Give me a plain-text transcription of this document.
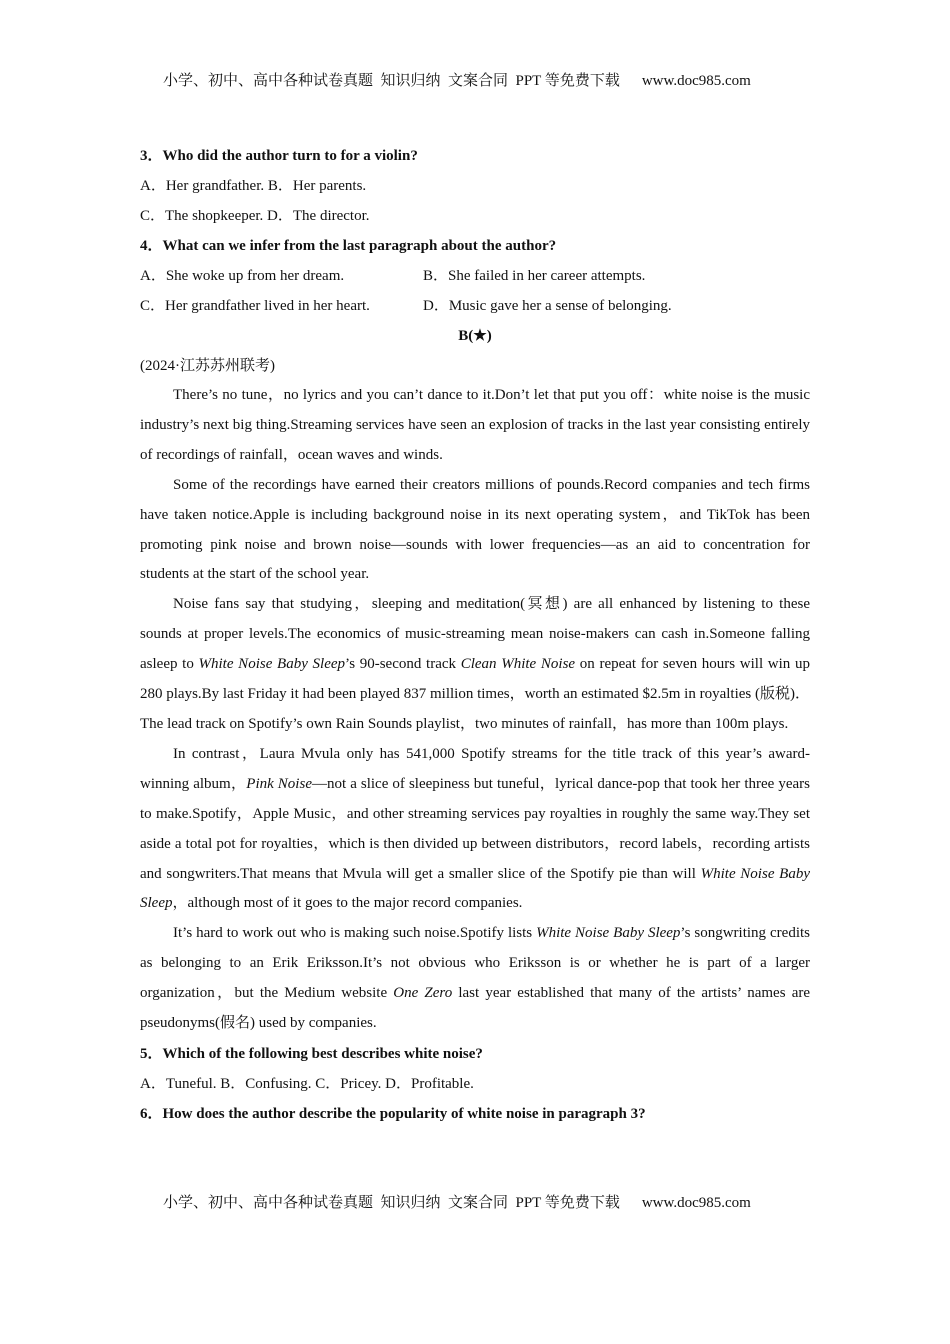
小学、初中、高中各种试卷真题  知识归纳  文案合同  PPT 等免费下载 www.doc985.com

3．Who did the author turn to for a violin?

A．Her grandfather. B．Her parents.

C．The shopkeeper. D．The director.

4．What can we infer from the last paragraph about the author?

A．She woke up from her dream.	B．She failed in her career attempts.
C．Her grandfather lived in her heart.	D．Music gave her a sense of belonging.

B(★)

(2024·江苏苏州联考)

There’s no tune，no lyrics and you can’t dance to it.Don’t let that put you off：white noise is the music industry’s next big thing.Streaming services have seen an explosion of tracks in the last year consisting entirely of recordings of rainfall，ocean waves and winds.

Some of the recordings have earned their creators millions of pounds.Record companies and tech firms have taken notice.Apple is including background noise in its next operating system，and TikTok has been promoting pink noise and brown noise—sounds with lower frequencies—as an aid to concentration for students at the start of the school year.

Noise fans say that studying，sleeping and meditation(冥想) are all enhanced by listening to these sounds at proper levels.The economics of music-streaming mean noise-makers can cash in.Someone falling asleep to White Noise Baby Sleep’s 90-second track Clean White Noise on repeat for seven hours will win up 280 plays.By last Friday it had been played 837 million times，worth an estimated $2.5m in royalties (版税)．The lead track on Spotify’s own Rain Sounds playlist，two minutes of rainfall，has more than 100m plays.

In contrast，Laura Mvula only has 541,000 Spotify streams for the title track of this year’s award-winning album，Pink Noise—not a slice of sleepiness but tuneful，lyrical dance-pop that took her three years to make.Spotify，Apple Music，and other streaming services pay royalties in roughly the same way.They set aside a total pot for royalties，which is then divided up between distributors，record labels，recording artists and songwriters.That means that Mvula will get a smaller slice of the Spotify pie than will White Noise Baby Sleep，although most of it goes to the major record companies.

It’s hard to work out who is making such noise.Spotify lists White Noise Baby Sleep’s songwriting credits as belonging to an Erik Eriksson.It’s not obvious who Eriksson is or whether he is part of a larger organization，but the Medium website One Zero last year established that many of the artists’ names are pseudonyms(假名) used by companies.

5．Which of the following best describes white noise?

A．Tuneful. B．Confusing. C．Pricey. D．Profitable.

6．How does the author describe the popularity of white noise in paragraph 3?

小学、初中、高中各种试卷真题  知识归纳  文案合同  PPT 等免费下载 www.doc985.com
